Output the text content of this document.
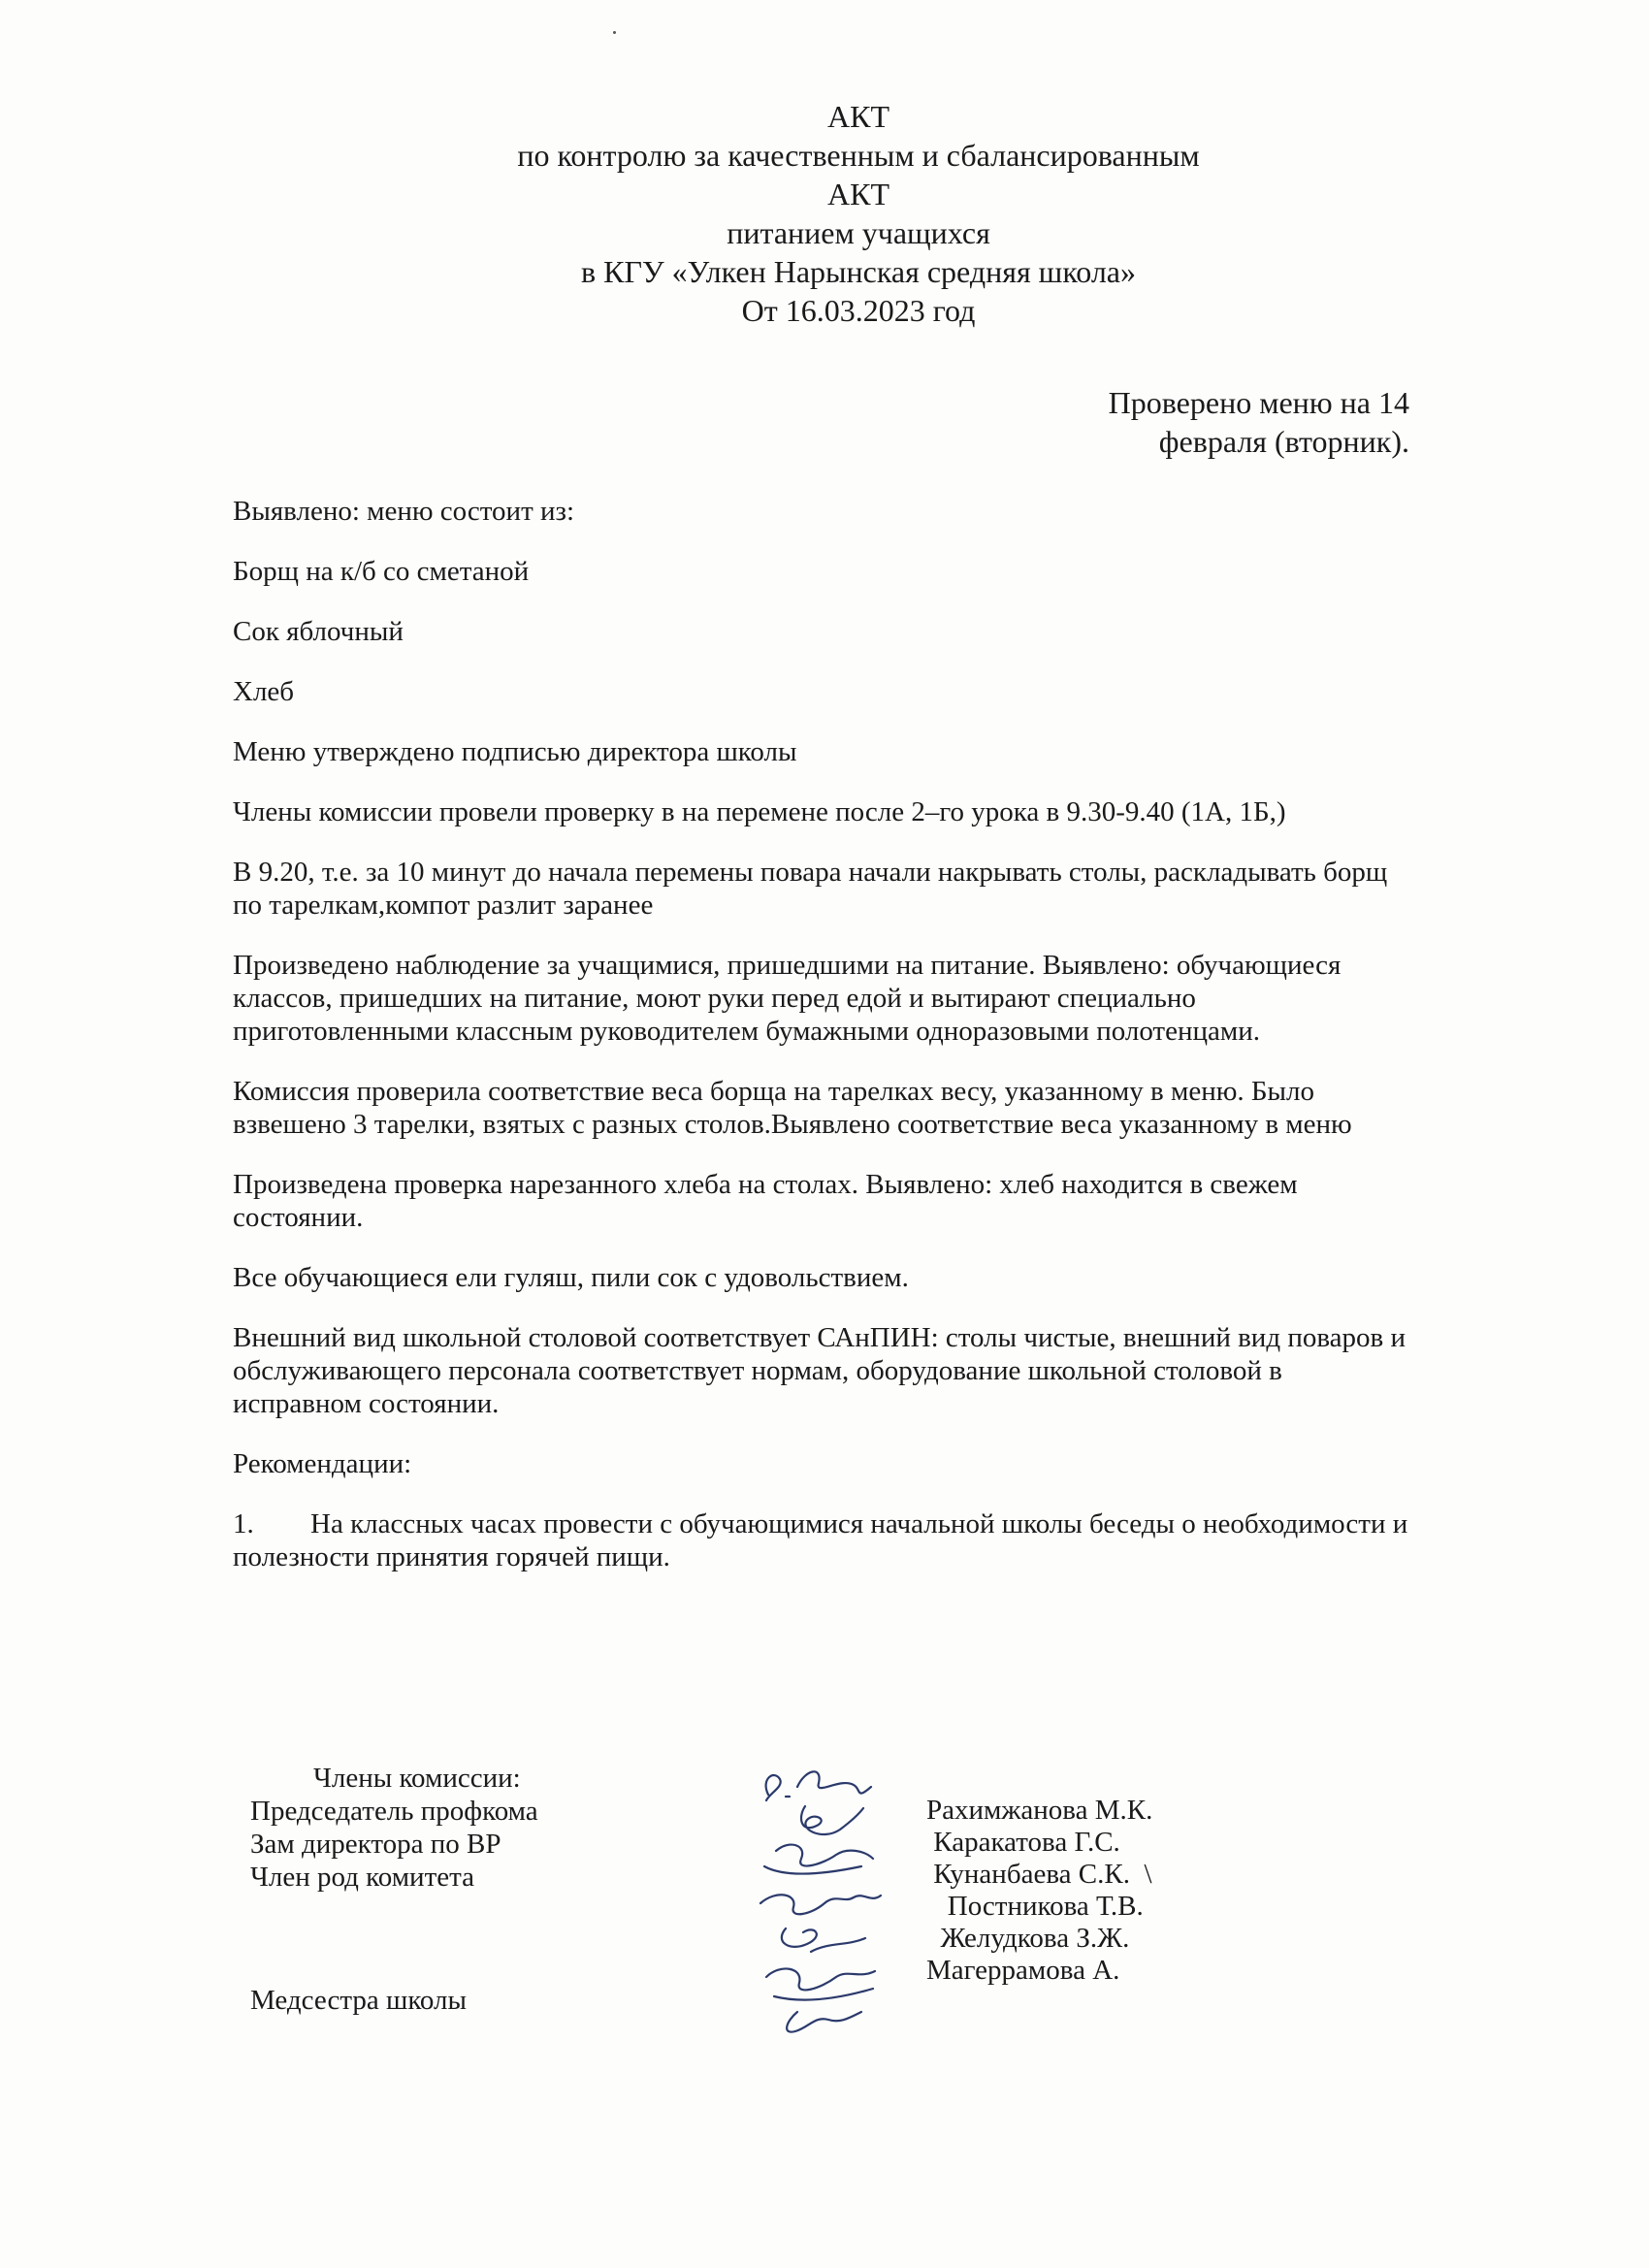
АКТ
по контролю за качественным и сбалансированным
АКТ
питанием учащихся
в КГУ «Улкен Нарынская средняя школа»
От 16.03.2023 год
Проверено меню на 14
февраля (вторник).

Выявлено: меню состоит из:

Борщ на к/б со сметаной

Сок яблочный

Хлеб

Меню утверждено подписью директора школы

Члены комиссии провели проверку в на перемене после 2–го урока в 9.30-9.40 (1А, 1Б,)

В 9.20, т.е. за 10 минут до начала перемены повара начали накрывать столы, раскладывать борщ по тарелкам,компот разлит заранее

Произведено наблюдение за учащимися, пришедшими на питание. Выявлено: обучающиеся классов, пришедших на питание, моют руки перед едой и вытирают специально приготовленными классным руководителем бумажными одноразовыми полотенцами.

Комиссия проверила соответствие веса борща на тарелках весу, указанному в меню. Было взвешено 3 тарелки, взятых с разных столов.Выявлено соответствие веса указанному в меню

Произведена проверка нарезанного хлеба на столах. Выявлено: хлеб находится в свежем состоянии.

Все обучающиеся ели гуляш, пили сок с удовольствием.

Внешний вид школьной столовой соответствует САнПИН: столы чистые, внешний вид поваров и обслуживающего персонала соответствует нормам, оборудование школьной столовой в исправном состоянии.

Рекомендации:

1. На классных часах провести с обучающимися начальной школы беседы о необходимости и полезности принятия горячей пищи.

Члены комиссии:
Председатель профкома
Зам директора по ВР
Член род комитета
Медсестра школы
Рахимжанова М.К.
Каракатова Г.С.
Кунанбаева С.К.  \
Постникова Т.В.
Желудкова З.Ж.
Магеррамова А.
